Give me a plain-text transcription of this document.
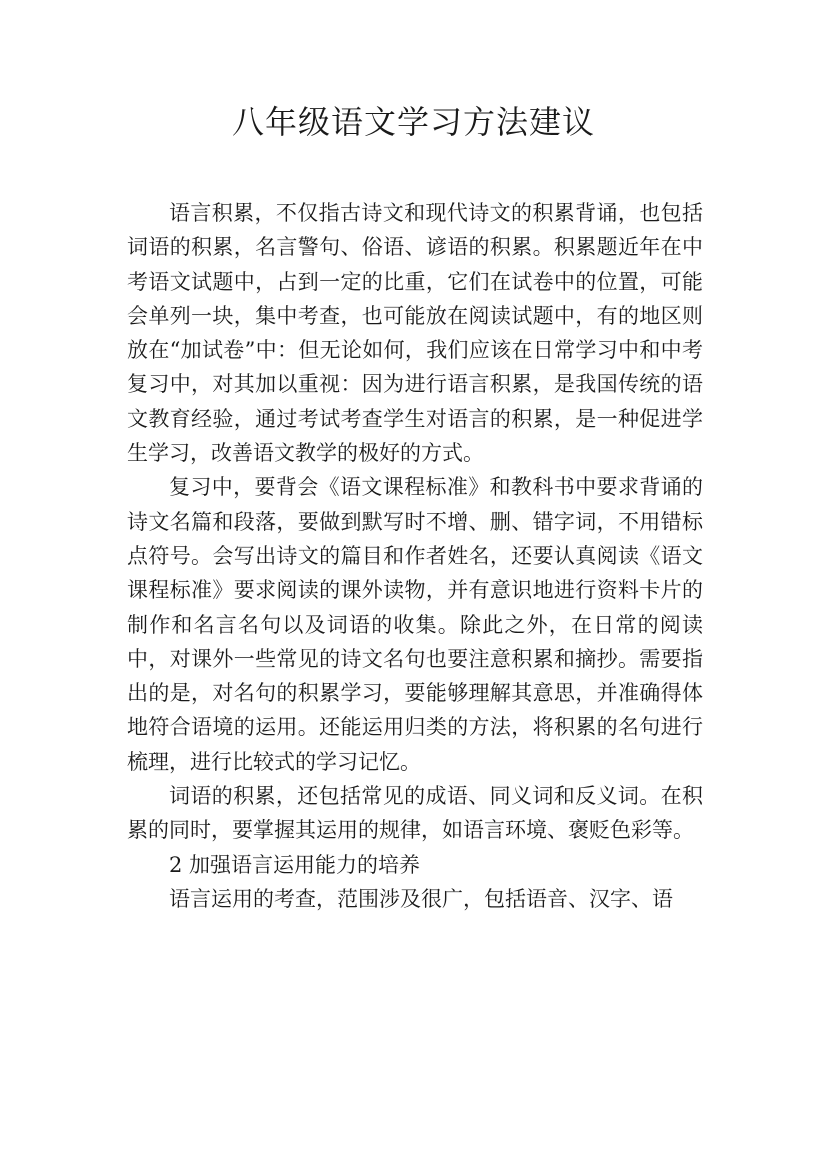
八年级语文学习方法建议

语言积累，不仅指古诗文和现代诗文的积累背诵，也包括词语的积累，名言警句、俗语、谚语的积累。积累题近年在中考语文试题中，占到一定的比重，它们在试卷中的位置，可能会单列一块，集中考查，也可能放在阅读试题中，有的地区则放在“加试卷”中：但无论如何，我们应该在日常学习中和中考复习中，对其加以重视：因为进行语言积累，是我国传统的语文教育经验，通过考试考查学生对语言的积累，是一种促进学生学习，改善语文教学的极好的方式。

复习中，要背会《语文课程标准》和教科书中要求背诵的诗文名篇和段落，要做到默写时不增、删、错字词，不用错标点符号。会写出诗文的篇目和作者姓名，还要认真阅读《语文课程标准》要求阅读的课外读物，并有意识地进行资料卡片的制作和名言名句以及词语的收集。除此之外，在日常的阅读中，对课外一些常见的诗文名句也要注意积累和摘抄。需要指出的是，对名句的积累学习，要能够理解其意思，并准确得体地符合语境的运用。还能运用归类的方法，将积累的名句进行梳理，进行比较式的学习记忆。

词语的积累，还包括常见的成语、同义词和反义词。在积累的同时，要掌握其运用的规律，如语言环境、褒贬色彩等。

2 加强语言运用能力的培养

语言运用的考查，范围涉及很广，包括语音、汉字、语
